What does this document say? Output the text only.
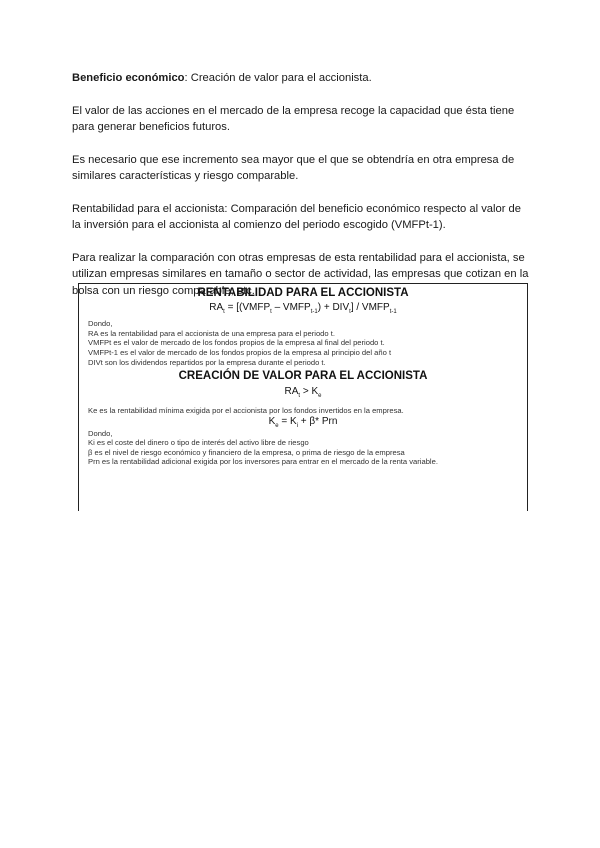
Beneficio económico: Creación de valor para el accionista.

El valor de las acciones en el mercado de la empresa recoge la capacidad que ésta tiene para generar beneficios futuros.

Es necesario que ese incremento sea mayor que el que se obtendría en otra empresa de similares características y riesgo comparable.

Rentabilidad para el accionista: Comparación del beneficio económico respecto al valor de la inversión para el accionista al comienzo del periodo escogido (VMFPt-1).

Para realizar la comparación con otras empresas de esta rentabilidad para el accionista, se utilizan empresas similares en tamaño o sector de actividad, las empresas que cotizan en la bolsa con un riesgo comparable, etc.

RENTABILIDAD PARA EL ACCIONISTA
$RA_t$ = [($VMFP_t$ – $VMFP_{t-1}) + DIV_t$] / $VMFP_{t-1}$
Dondo,
RA es la rentabilidad para el accionista de una empresa para el periodo t.
VMFPt es el valor de mercado de los fondos propios de la empresa al final del periodo t.
VMFPt-1 es el valor de mercado de los fondos propios de la empresa al principio del año t
DIVt son los dividendos repartidos por la empresa durante el periodo t.
CREACIÓN DE VALOR PARA EL ACCIONISTA
$RA_t > K_e$
Ke es la rentabilidad mínima exigida por el accionista por los fondos invertidos en la empresa.
$K_e = K_i + \beta*$ Prn
Dondo,
Ki es el coste del dinero o tipo de interés del activo libre de riesgo
β es el nivel de riesgo económico y financiero de la empresa, o prima de riesgo de la empresa
Prn es la rentabilidad adicional exigida por los inversores para entrar en el mercado de la renta variable.
